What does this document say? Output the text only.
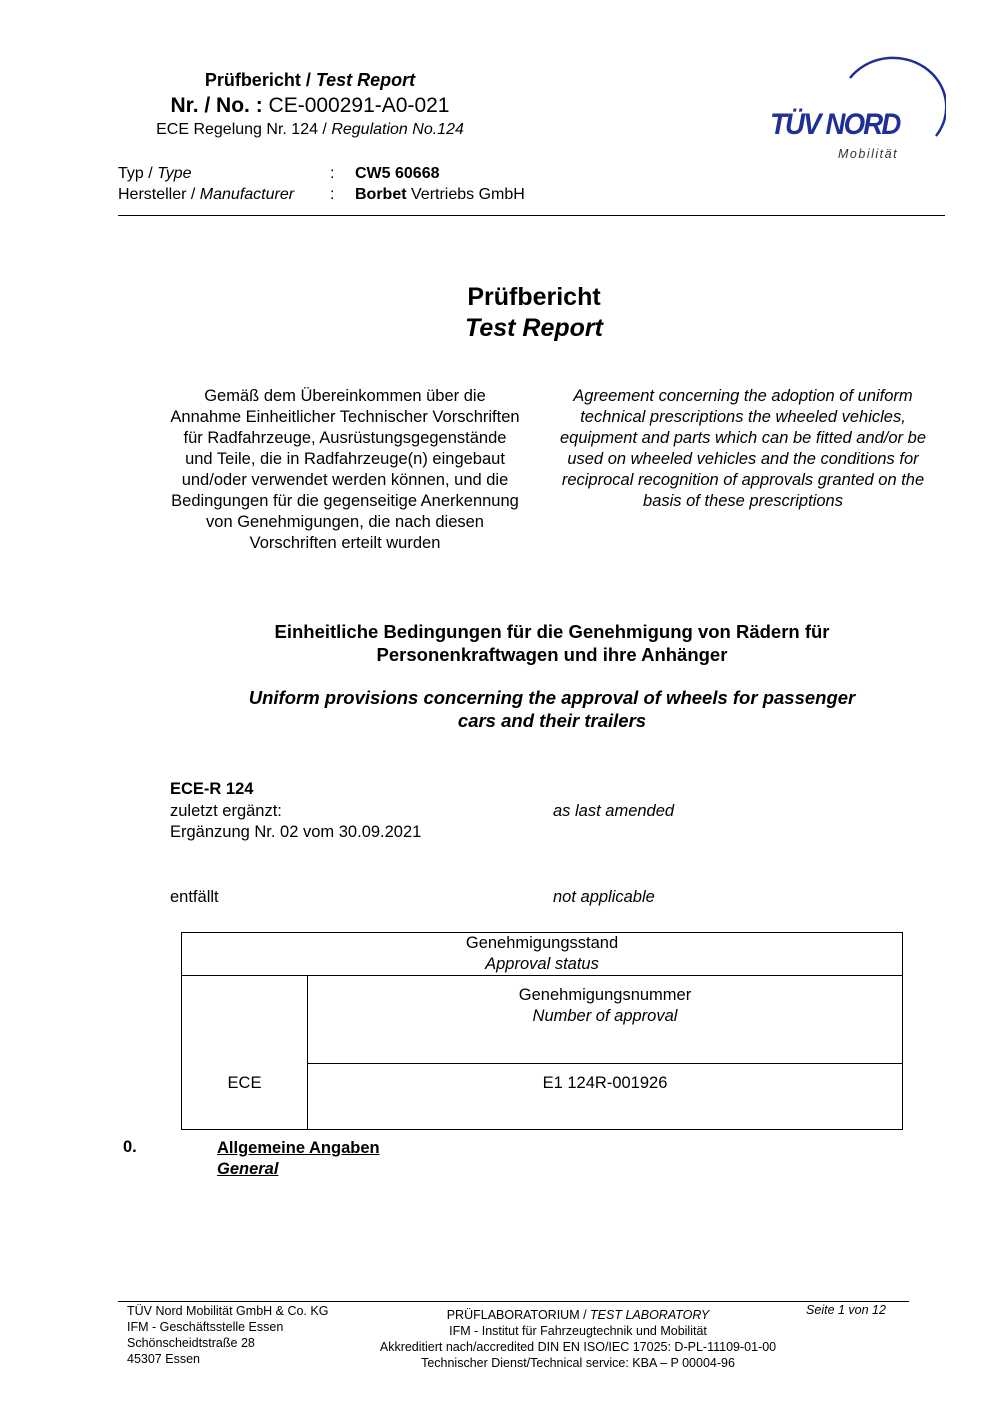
Prüfbericht / Test Report
Nr. / No. : CE-000291-A0-021
ECE Regelung Nr. 124 / Regulation No.124
Typ / Type	: CW5 60668
Hersteller / Manufacturer	: Borbet Vertriebs GmbH
TÜV NORD
Mobilität
Prüfbericht
Test Report
Gemäß dem Übereinkommen über die Annahme Einheitlicher Technischer Vorschriften für Radfahrzeuge, Ausrüstungsgegenstände und Teile, die in Radfahrzeuge(n) eingebaut und/oder verwendet werden können, und die Bedingungen für die gegenseitige Anerkennung von Genehmigungen, die nach diesen Vorschriften erteilt wurden
Agreement concerning the adoption of uniform technical prescriptions the wheeled vehicles, equipment and parts which can be fitted and/or be used on wheeled vehicles and the conditions for reciprocal recognition of approvals granted on the basis of these prescriptions
Einheitliche Bedingungen für die Genehmigung von Rädern für Personenkraftwagen und ihre Anhänger
Uniform provisions concerning the approval of wheels for passenger cars and their trailers
ECE-R 124
zuletzt ergänzt:	as last amended
Ergänzung Nr. 02 vom 30.09.2021
entfällt	not applicable
Genehmigungsstand
Approval status
Genehmigungsnummer
Number of approval
ECE	E1 124R-001926
0.	Allgemeine Angaben
General
TÜV Nord Mobilität GmbH & Co. KG
IFM - Geschäftsstelle Essen
Schönscheidtstraße 28
45307 Essen
PRÜFLABORATORIUM / TEST LABORATORY
IFM - Institut für Fahrzeugtechnik und Mobilität
Akkreditiert nach/accredited DIN EN ISO/IEC 17025: D-PL-11109-01-00
Technischer Dienst/Technical service: KBA – P 00004-96
Seite 1 von 12
